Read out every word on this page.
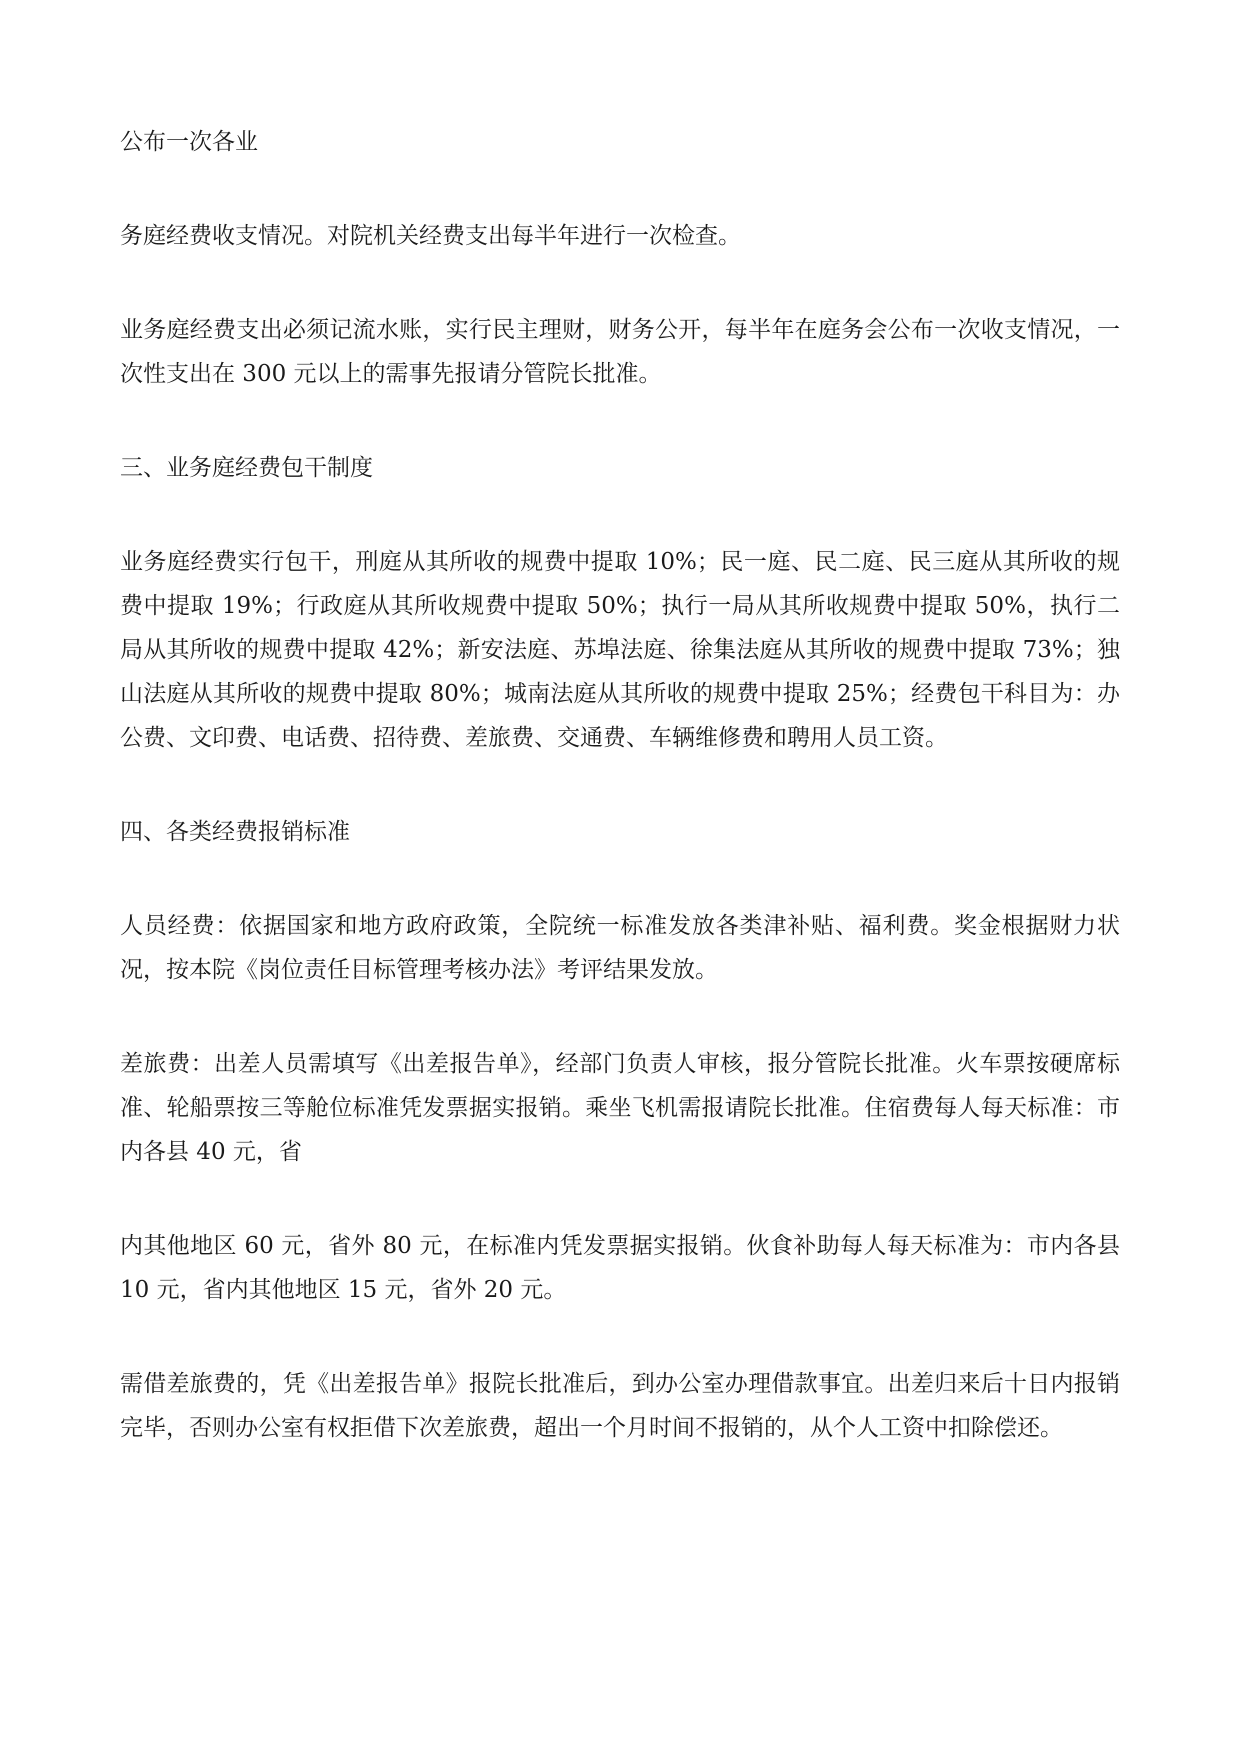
公布一次各业

务庭经费收支情况。对院机关经费支出每半年进行一次检查。

业务庭经费支出必须记流水账，实行民主理财，财务公开，每半年在庭务会公布一次收支情况，一次性支出在 300 元以上的需事先报请分管院长批准。

三、业务庭经费包干制度

业务庭经费实行包干，刑庭从其所收的规费中提取 10%；民一庭、民二庭、民三庭从其所收的规费中提取 19%；行政庭从其所收规费中提取 50%；执行一局从其所收规费中提取 50%，执行二局从其所收的规费中提取 42%；新安法庭、苏埠法庭、徐集法庭从其所收的规费中提取 73%；独山法庭从其所收的规费中提取 80%；城南法庭从其所收的规费中提取 25%；经费包干科目为：办公费、文印费、电话费、招待费、差旅费、交通费、车辆维修费和聘用人员工资。

四、各类经费报销标准

人员经费：依据国家和地方政府政策，全院统一标准发放各类津补贴、福利费。奖金根据财力状况，按本院《岗位责任目标管理考核办法》考评结果发放。

差旅费：出差人员需填写《出差报告单》，经部门负责人审核，报分管院长批准。火车票按硬席标准、轮船票按三等舱位标准凭发票据实报销。乘坐飞机需报请院长批准。住宿费每人每天标准：市内各县 40 元，省

内其他地区 60 元，省外 80 元，在标准内凭发票据实报销。伙食补助每人每天标准为：市内各县 10 元，省内其他地区 15 元，省外 20 元。

需借差旅费的，凭《出差报告单》报院长批准后，到办公室办理借款事宜。出差归来后十日内报销完毕，否则办公室有权拒借下次差旅费，超出一个月时间不报销的，从个人工资中扣除偿还。
